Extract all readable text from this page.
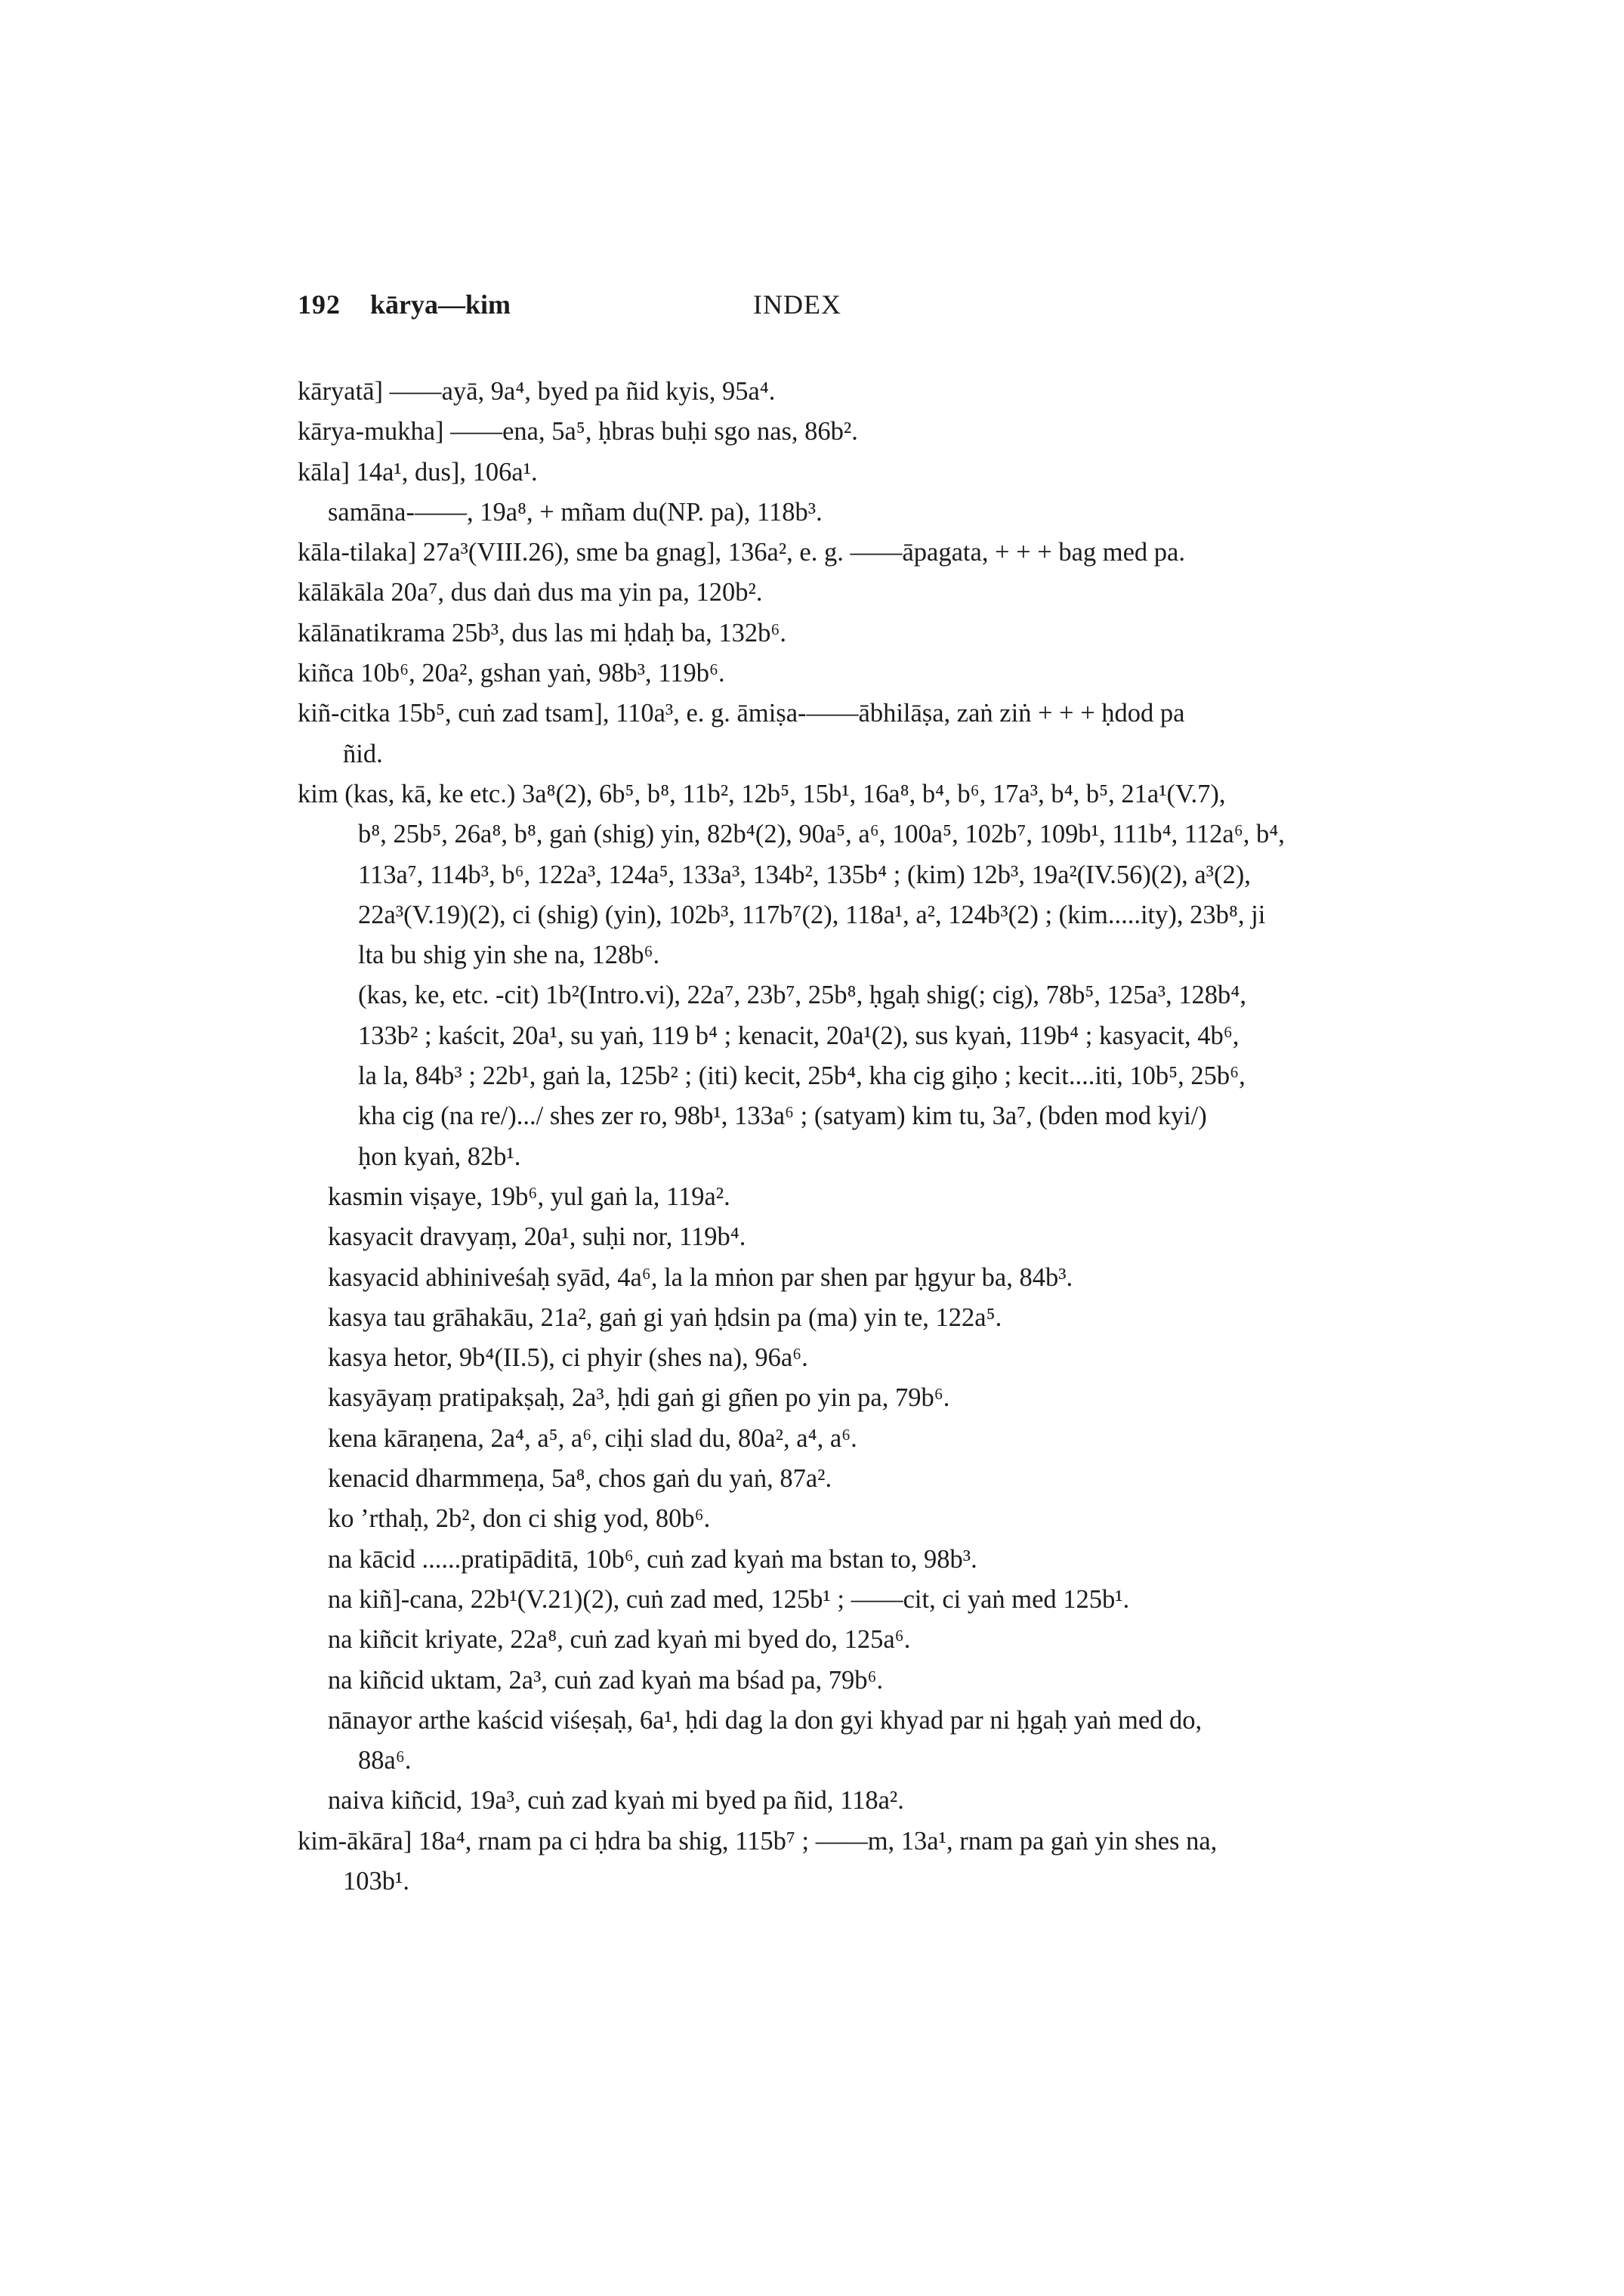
192 kārya—kim	INDEX
kāryatā] ——ayā, 9a⁴, byed pa ñid kyis, 95a⁴.
kārya-mukha] ——ena, 5a⁵, ḥbras buḥi sgo nas, 86b².
kāla] 14a¹, dus], 106a¹.
samāna-——, 19a⁸, + mñam du(NP. pa), 118b³.
kāla-tilaka] 27a³(VIII.26), sme ba gnag], 136a², e. g. ——āpagata, + + + bag med pa.
kālākāla 20a⁷, dus daṅ dus ma yin pa, 120b².
kālānatikrama 25b³, dus las mi ḥdaḥ ba, 132b⁶.
kiñca 10b⁶, 20a², gshan yaṅ, 98b³, 119b⁶.
kiñ-citka 15b⁵, cuṅ zad tsam], 110a³, e. g. āmiṣa-——ābhilāṣa, zaṅ ziṅ + + + ḥdod pa
ñid.
kim (kas, kā, ke etc.) 3a⁸(2), 6b⁵, b⁸, 11b², 12b⁵, 15b¹, 16a⁸, b⁴, b⁶, 17a³, b⁴, b⁵, 21a¹(V.7),
b⁸, 25b⁵, 26a⁸, b⁸, gaṅ (shig) yin, 82b⁴(2), 90a⁵, a⁶, 100a⁵, 102b⁷, 109b¹, 111b⁴, 112a⁶, b⁴,
113a⁷, 114b³, b⁶, 122a³, 124a⁵, 133a³, 134b², 135b⁴ ; (kim) 12b³, 19a²(IV.56)(2), a³(2),
22a³(V.19)(2), ci (shig) (yin), 102b³, 117b⁷(2), 118a¹, a², 124b³(2) ; (kim.....ity), 23b⁸, ji
lta bu shig yin she na, 128b⁶.
(kas, ke, etc. -cit) 1b²(Intro.vi), 22a⁷, 23b⁷, 25b⁸, ḥgaḥ shig(; cig), 78b⁵, 125a³, 128b⁴,
133b² ; kaścit, 20a¹, su yaṅ, 119 b⁴ ; kenacit, 20a¹(2), sus kyaṅ, 119b⁴ ; kasyacit, 4b⁶,
la la, 84b³ ; 22b¹, gaṅ la, 125b² ; (iti) kecit, 25b⁴, kha cig giḥo ; kecit....iti, 10b⁵, 25b⁶,
kha cig (na re/).../ shes zer ro, 98b¹, 133a⁶ ; (satyam) kim tu, 3a⁷, (bden mod kyi/)
ḥon kyaṅ, 82b¹.
kasmin viṣaye, 19b⁶, yul gaṅ la, 119a².
kasyacit dravyaṃ, 20a¹, suḥi nor, 119b⁴.
kasyacid abhiniveśaḥ syād, 4a⁶, la la mṅon par shen par ḥgyur ba, 84b³.
kasya tau grāhakāu, 21a², gaṅ gi yaṅ ḥdsin pa (ma) yin te, 122a⁵.
kasya hetor, 9b⁴(II.5), ci phyir (shes na), 96a⁶.
kasyāyaṃ pratipakṣaḥ, 2a³, ḥdi gaṅ gi gñen po yin pa, 79b⁶.
kena kāraṇena, 2a⁴, a⁵, a⁶, ciḥi slad du, 80a², a⁴, a⁶.
kenacid dharmmeṇa, 5a⁸, chos gaṅ du yaṅ, 87a².
ko ’rthaḥ, 2b², don ci shig yod, 80b⁶.
na kācid ......pratipāditā, 10b⁶, cuṅ zad kyaṅ ma bstan to, 98b³.
na kiñ]-cana, 22b¹(V.21)(2), cuṅ zad med, 125b¹ ; ——cit, ci yaṅ med 125b¹.
na kiñcit kriyate, 22a⁸, cuṅ zad kyaṅ mi byed do, 125a⁶.
na kiñcid uktam, 2a³, cuṅ zad kyaṅ ma bśad pa, 79b⁶.
nānayor arthe kaścid viśeṣaḥ, 6a¹, ḥdi dag la don gyi khyad par ni ḥgaḥ yaṅ med do,
88a⁶.
naiva kiñcid, 19a³, cuṅ zad kyaṅ mi byed pa ñid, 118a².
kim-ākāra] 18a⁴, rnam pa ci ḥdra ba shig, 115b⁷ ; ——m, 13a¹, rnam pa gaṅ yin shes na,
103b¹.
